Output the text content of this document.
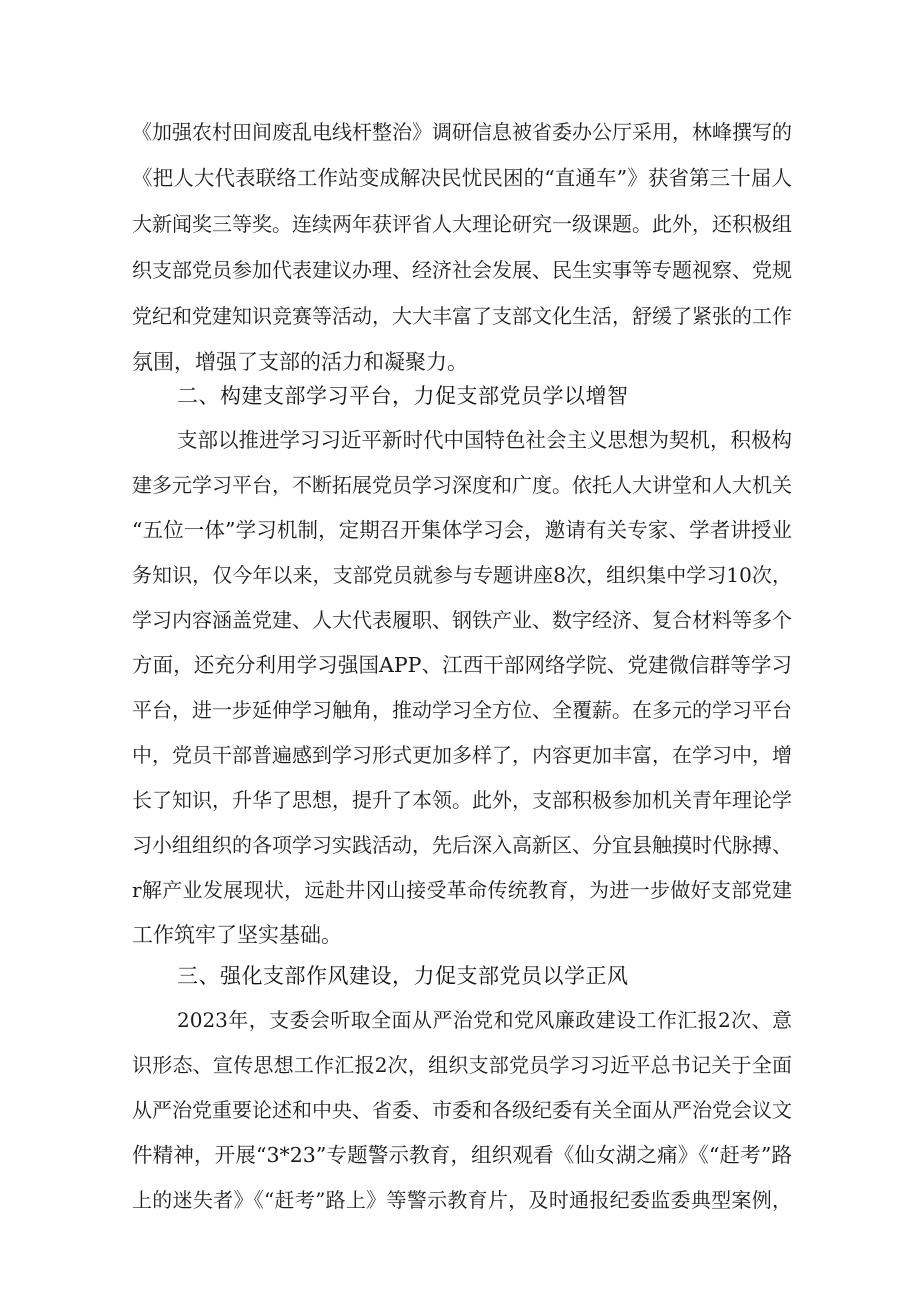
《加强农村田间废乱电线杆整治》调研信息被省委办公厅采用，林峰撰写的
《把人大代表联络工作站变成解决民忧民困的“直通车”》获省第三十届人
大新闻奖三等奖。连续两年获评省人大理论研究一级课题。此外，还积极组
织支部党员参加代表建议办理、经济社会发展、民生实事等专题视察、党规
党纪和党建知识竞赛等活动，大大丰富了支部文化生活，舒缓了紧张的工作
氛围，增强了支部的活力和凝聚力。
二、构建支部学习平台，力促支部党员学以增智
支部以推进学习习近平新时代中国特色社会主义思想为契机，积极构
建多元学习平台，不断拓展党员学习深度和广度。依托人大讲堂和人大机关
“五位一体”学习机制，定期召开集体学习会，邀请有关专家、学者讲授业
务知识，仅今年以来，支部党员就参与专题讲座8次，组织集中学习10次，
学习内容涵盖党建、人大代表履职、钢铁产业、数字经济、复合材料等多个
方面，还充分利用学习强国APP、江西干部网络学院、党建微信群等学习
平台，进一步延伸学习触角，推动学习全方位、全覆薪。在多元的学习平台
中，党员干部普遍感到学习形式更加多样了，内容更加丰富，在学习中，增
长了知识，升华了思想，提升了本领。此外，支部积极参加机关青年理论学
习小组组织的各项学习实践活动，先后深入高新区、分宜县触摸时代脉搏、
r解产业发展现状，远赴井冈山接受革命传统教育，为进一步做好支部党建
工作筑牢了坚实基础。
三、强化支部作风建设，力促支部党员以学正风
2023年，支委会听取全面从严治党和党风廉政建设工作汇报2次、意
识形态、宣传思想工作汇报2次，组织支部党员学习习近平总书记关于全面
从严治党重要论述和中央、省委、市委和各级纪委有关全面从严治党会议文
件精神，开展“3*23”专题警示教育，组织观看《仙女湖之痛》《“赶考”路
上的迷失者》《“赶考”路上》等警示教育片，及时通报纪委监委典型案例，
